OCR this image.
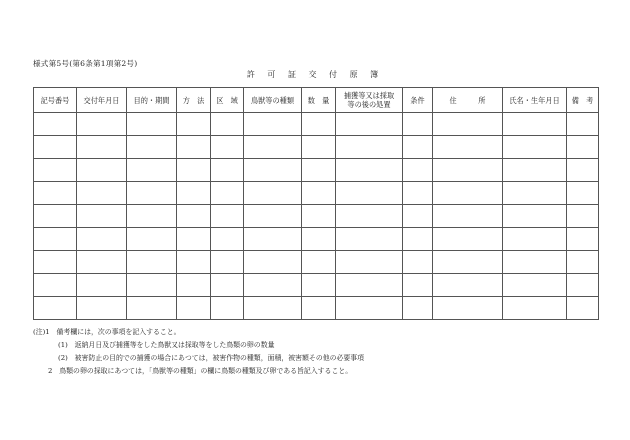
様式第5号(第6条第1項第2号)
許 可 証 交 付 原 簿
記号番号	交付年月日	目的・期間	方　法	区　域	鳥獣等の種類	数　量	捕獲等又は採取
等の後の処置	条件	住　　　所	氏名・生年月日	備　考

(注)1　備考欄には，次の事項を記入すること。
(1)　返納月日及び捕獲等をした鳥獣又は採取等をした鳥類の卵の数量
(2)　被害防止の目的での捕獲の場合にあつては，被害作物の種類，面積，被害額その他の必要事項
2　鳥類の卵の採取にあつては，「鳥獣等の種類」の欄に鳥類の種類及び卵である旨記入すること。
